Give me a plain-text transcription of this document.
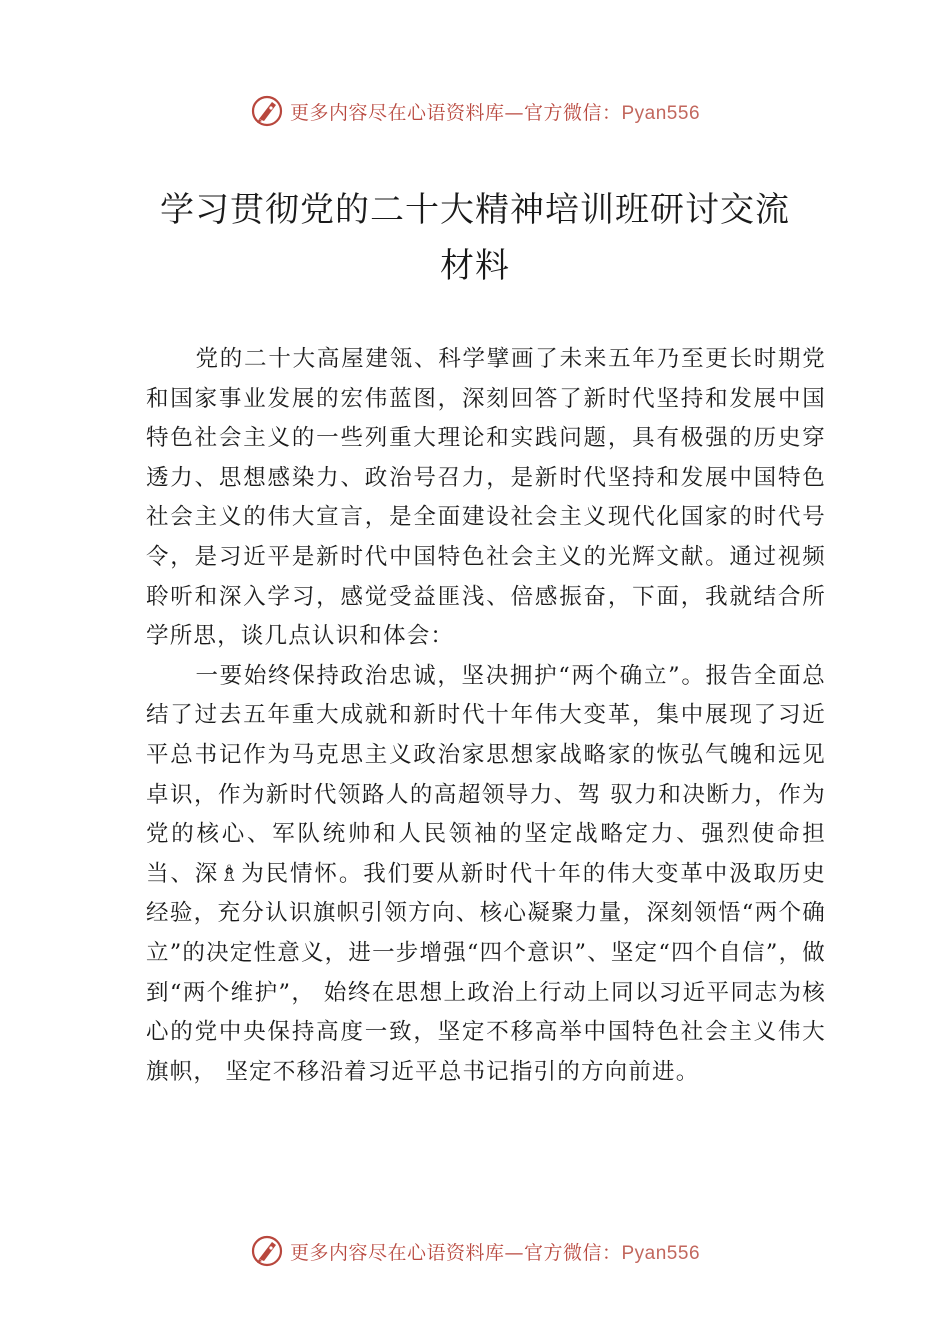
更多内容尽在心语资料库—官方微信：Pyan556
学习贯彻党的二十大精神培训班研讨交流
材料

党的二十大高屋建瓴、科学擘画了未来五年乃至更长时期党和国家事业发展的宏伟蓝图，深刻回答了新时代坚持和发展中国特色社会主义的一些列重大理论和实践问题，具有极强的历史穿透力、思想感染力、政治号召力，是新时代坚持和发展中国特色社会主义的伟大宣言，是全面建设社会主义现代化国家的时代号令，是习近平是新时代中国特色社会主义的光辉文献。通过视频聆听和深入学习，感觉受益匪浅、倍感振奋，下面，我就结合所学所思，谈几点认识和体会：

一要始终保持政治忠诚，坚决拥护“两个确立”。报告全面总结了过去五年重大成就和新时代十年伟大变革，集中展现了习近平总书记作为马克思主义政治家思想家战略家的恢弘气魄和远见卓识，作为新时代领路人的高超领导力、驾 驭力和决断力，作为党的核心、军队统帅和人民领袖的坚定战略定力、强烈使命担当、深♗为民情怀。我们要从新时代十年的伟大变革中汲取历史经验，充分认识旗帜引领方向、核心凝聚力量，深刻领悟“两个确立”的决定性意义，进一步增强“四个意识”、坚定“四个自信”，做到“两个维护”， 始终在思想上政治上行动上同以习近平同志为核心的党中央保持高度一致，坚定不移高举中国特色社会主义伟大旗帜， 坚定不移沿着习近平总书记指引的方向前进。

更多内容尽在心语资料库—官方微信：Pyan556
